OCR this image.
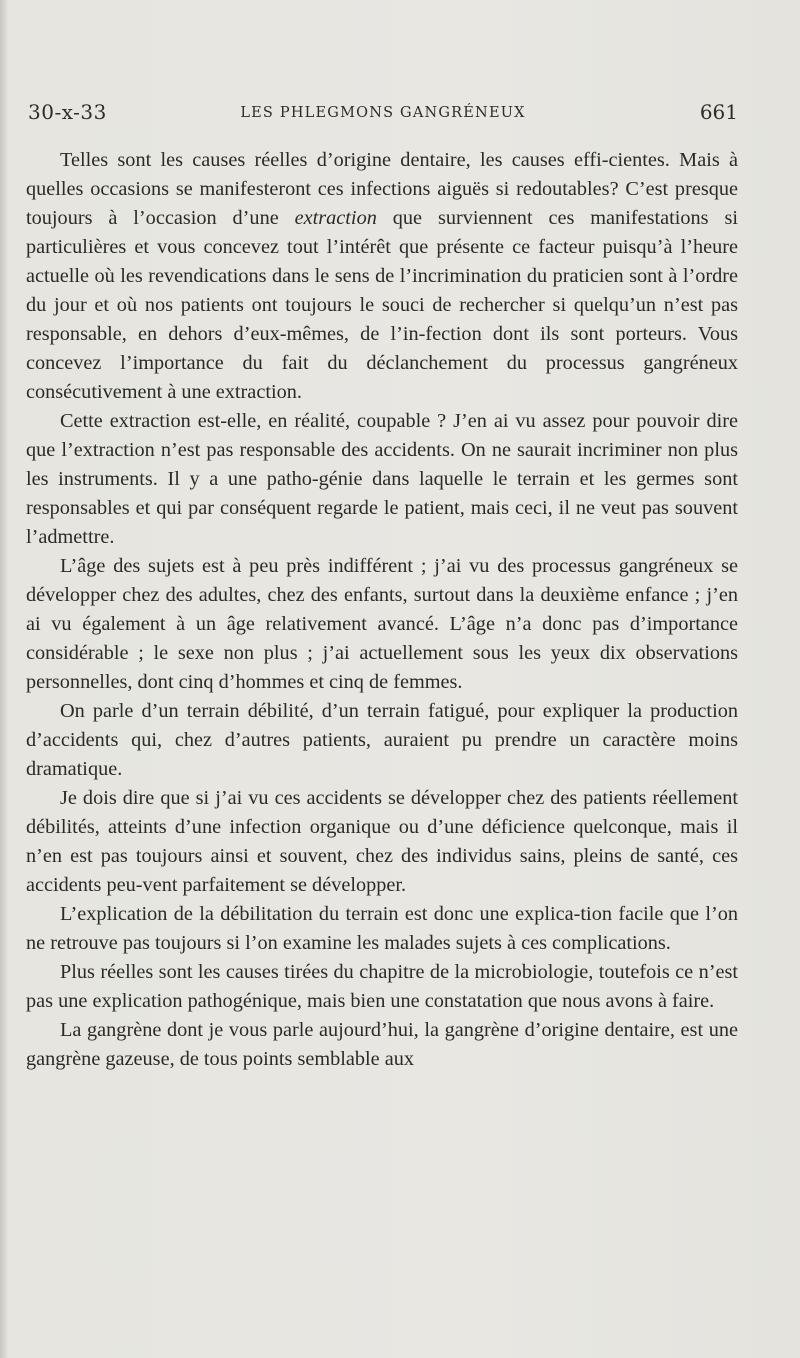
30-x-33	LES PHLEGMONS GANGRÉNEUX	661

Telles sont les causes réelles d’origine dentaire, les causes effi-cientes. Mais à quelles occasions se manifesteront ces infections aiguës si redoutables? C’est presque toujours à l’occasion d’une extraction que surviennent ces manifestations si particulières et vous concevez tout l’intérêt que présente ce facteur puisqu’à l’heure actuelle où les revendications dans le sens de l’incrimination du praticien sont à l’ordre du jour et où nos patients ont toujours le souci de rechercher si quelqu’un n’est pas responsable, en dehors d’eux-mêmes, de l’in-fection dont ils sont porteurs. Vous concevez l’importance du fait du déclanchement du processus gangréneux consécutivement à une extraction.

Cette extraction est-elle, en réalité, coupable ? J’en ai vu assez pour pouvoir dire que l’extraction n’est pas responsable des accidents. On ne saurait incriminer non plus les instruments. Il y a une patho-génie dans laquelle le terrain et les germes sont responsables et qui par conséquent regarde le patient, mais ceci, il ne veut pas souvent l’admettre.

L’âge des sujets est à peu près indifférent ; j’ai vu des processus gangréneux se développer chez des adultes, chez des enfants, surtout dans la deuxième enfance ; j’en ai vu également à un âge relativement avancé. L’âge n’a donc pas d’importance considérable ; le sexe non plus ; j’ai actuellement sous les yeux dix observations personnelles, dont cinq d’hommes et cinq de femmes.

On parle d’un terrain débilité, d’un terrain fatigué, pour expliquer la production d’accidents qui, chez d’autres patients, auraient pu prendre un caractère moins dramatique.

Je dois dire que si j’ai vu ces accidents se développer chez des patients réellement débilités, atteints d’une infection organique ou d’une déficience quelconque, mais il n’en est pas toujours ainsi et souvent, chez des individus sains, pleins de santé, ces accidents peu-vent parfaitement se développer.

L’explication de la débilitation du terrain est donc une explica-tion facile que l’on ne retrouve pas toujours si l’on examine les malades sujets à ces complications.

Plus réelles sont les causes tirées du chapitre de la microbiologie, toutefois ce n’est pas une explication pathogénique, mais bien une constatation que nous avons à faire.

La gangrène dont je vous parle aujourd’hui, la gangrène d’origine dentaire, est une gangrène gazeuse, de tous points semblable aux
